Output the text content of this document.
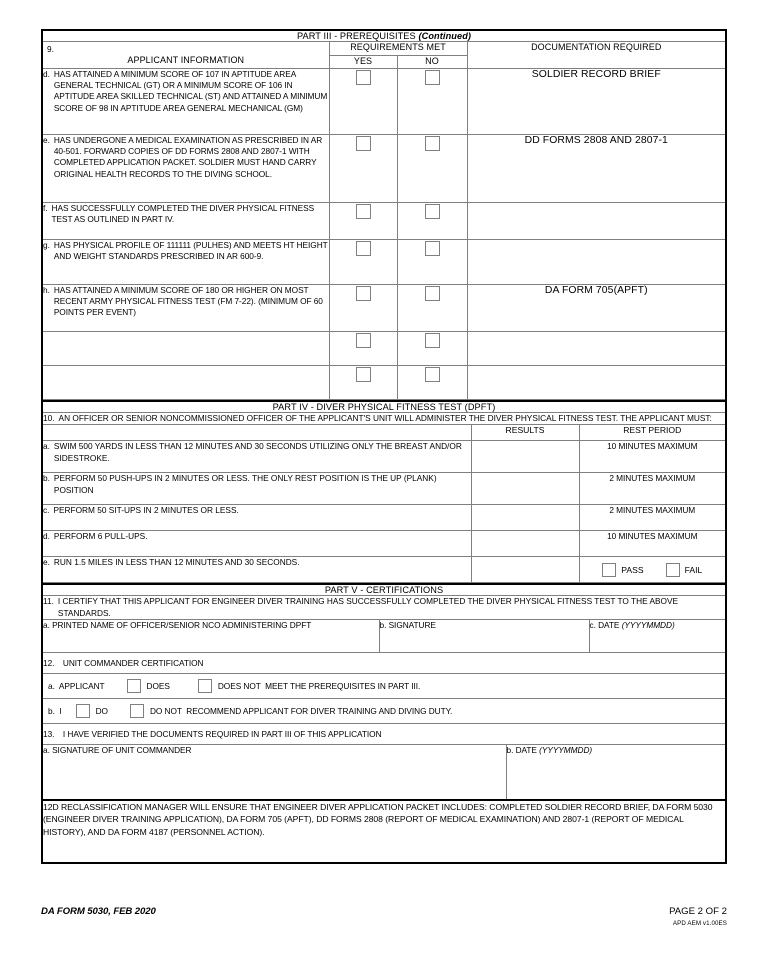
PART III - PREREQUISITES (Continued)			

9.
APPLICANT INFORMATION	REQUIREMENTS MET		DOCUMENTATION REQUIRED
	YES	NO	

d. HAS ATTAINED A MINIMUM SCORE OF 107 IN APTITUDE AREA GENERAL TECHNICAL (GT) OR A MINIMUM SCORE OF 106 IN APTITUDE AREA SKILLED TECHNICAL (ST) AND ATTAINED A MINIMUM SCORE OF 98 IN APTITUDE AREA GENERAL MECHANICAL (GM)			SOLDIER RECORD BRIEF

e. HAS UNDERGONE A MEDICAL EXAMINATION AS PRESCRIBED IN AR 40-501. FORWARD COPIES OF DD FORMS 2808 AND 2807-1 WITH COMPLETED APPLICATION PACKET. SOLDIER MUST HAND CARRY ORIGINAL HEALTH RECORDS TO THE DIVING SCHOOL.			DD FORMS 2808 AND 2807-1

f. HAS SUCCESSFULLY COMPLETED THE DIVER PHYSICAL FITNESS TEST AS OUTLINED IN PART IV.			

g. HAS PHYSICAL PROFILE OF 111111 (PULHES) AND MEETS HT HEIGHT AND WEIGHT STANDARDS PRESCRIBED IN AR 600-9.			

h. HAS ATTAINED A MINIMUM SCORE OF 180 OR HIGHER ON MOST RECENT ARMY PHYSICAL FITNESS TEST (FM 7-22). (MINIMUM OF 60 POINTS PER EVENT)			DA FORM 705(APFT)

PART IV - DIVER PHYSICAL FITNESS TEST (DPFT)		

10. AN OFFICER OR SENIOR NONCOMMISSIONED OFFICER OF THE APPLICANT'S UNIT WILL ADMINISTER THE DIVER PHYSICAL FITNESS TEST. THE APPLICANT MUST:		

	RESULTS	REST PERIOD

a. SWIM 500 YARDS IN LESS THAN 12 MINUTES AND 30 SECONDS UTILIZING ONLY THE BREAST AND/OR SIDESTROKE.		10 MINUTES MAXIMUM

b. PERFORM 50 PUSH-UPS IN 2 MINUTES OR LESS. THE ONLY REST POSITION IS THE UP (PLANK) POSITION		2 MINUTES MAXIMUM

c. PERFORM 50 SIT-UPS IN 2 MINUTES OR LESS.		2 MINUTES MAXIMUM

d. PERFORM 6 PULL-UPS.		10 MINUTES MAXIMUM

e. RUN 1.5 MILES IN LESS THAN 12 MINUTES AND 30 SECONDS.		PASS FAIL
PART V - CERTIFICATIONS			

11. I CERTIFY THAT THIS APPLICANT FOR ENGINEER DIVER TRAINING HAS SUCCESSFULLY COMPLETED THE DIVER PHYSICAL FITNESS TEST TO THE ABOVE STANDARDS.			

a. PRINTED NAME OF OFFICER/SENIOR NCO ADMINISTERING DPFT	b. SIGNATURE		c. DATE (YYYYMMDD)
12. UNIT COMMANDER CERTIFICATION			

a.  APPLICANT DOES DOES NOT  MEET THE PREREQUISITES IN PART III.			

b.  I DO DO NOT  RECOMMEND APPLICANT FOR DIVER TRAINING AND DIVING DUTY.			

13. I HAVE VERIFIED THE DOCUMENTS REQUIRED IN PART III OF THIS APPLICATION			
a. SIGNATURE OF UNIT COMMANDER		b. DATE (YYYYMMDD)	
12D RECLASSIFICATION MANAGER WILL ENSURE THAT ENGINEER DIVER APPLICATION PACKET INCLUDES: COMPLETED SOLDIER RECORD BRIEF, DA FORM 5030 (ENGINEER DIVER TRAINING APPLICATION), DA FORM 705 (APFT), DD FORMS 2808 (REPORT OF MEDICAL EXAMINATION) AND 2807-1 (REPORT OF MEDICAL HISTORY), AND DA FORM 4187 (PERSONNEL ACTION).			
DA FORM 5030, FEB 2020	PAGE 2 OF 2
APD AEM v1.00ES
